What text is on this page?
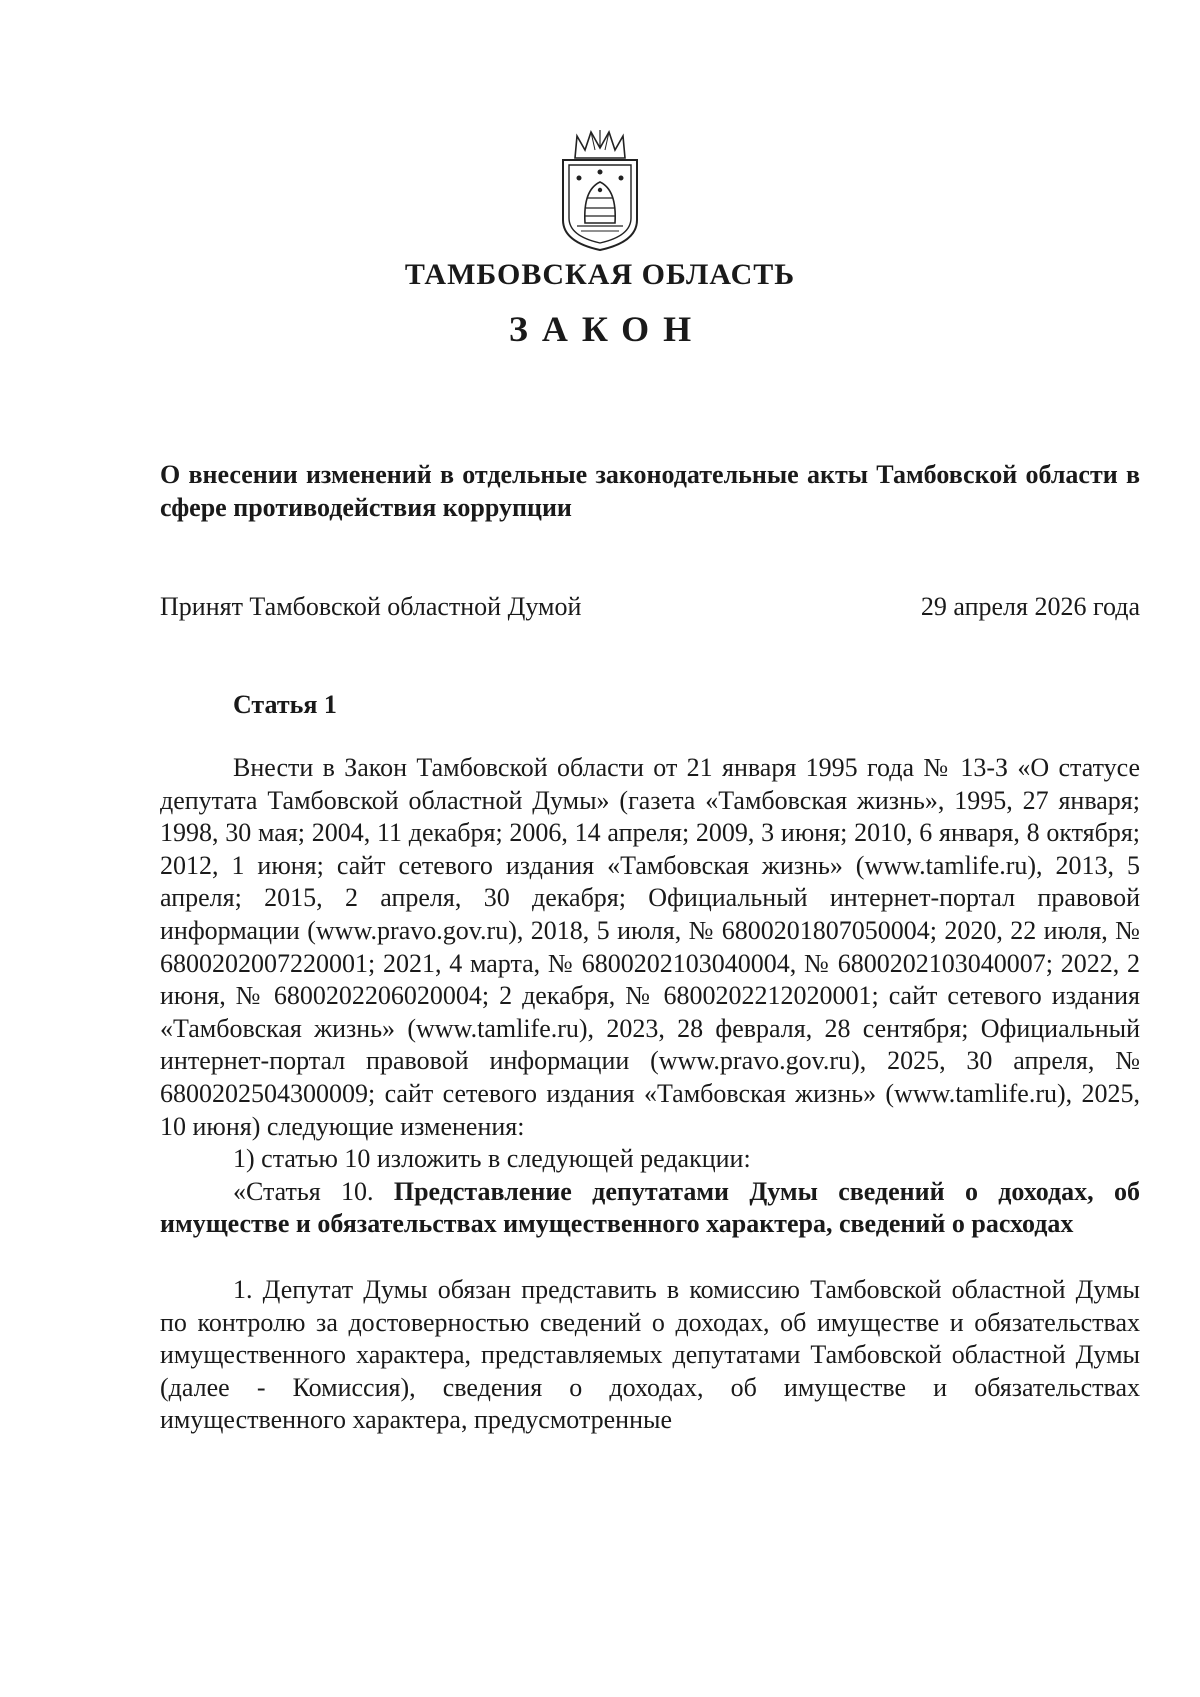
ТАМБОВСКАЯ ОБЛАСТЬ
ЗАКОН
О внесении изменений в отдельные законодательные акты Тамбовской области в сфере противодействия коррупции
Принят Тамбовской областной Думой	29 апреля 2026 года
Статья 1

Внести в Закон Тамбовской области от 21 января 1995 года № 13-З «О статусе депутата Тамбовской областной Думы» (газета «Тамбовская жизнь», 1995, 27 января; 1998, 30 мая; 2004, 11 декабря; 2006, 14 апреля; 2009, 3 июня; 2010, 6 января, 8 октября; 2012, 1 июня; сайт сетевого издания «Тамбовская жизнь» (www.tamlife.ru), 2013, 5 апреля; 2015, 2 апреля, 30 декабря; Официальный интернет-портал правовой информации (www.pravo.gov.ru), 2018, 5 июля, № 6800201807050004; 2020, 22 июля, № 6800202007220001; 2021, 4 марта, № 6800202103040004, № 6800202103040007; 2022, 2 июня, № 6800202206020004; 2 декабря, № 6800202212020001; сайт сетевого издания «Тамбовская жизнь» (www.tamlife.ru), 2023, 28 февраля, 28 сентября; Официальный интернет-портал правовой информации (www.pravo.gov.ru), 2025, 30 апреля, № 6800202504300009; сайт сетевого издания «Тамбовская жизнь» (www.tamlife.ru), 2025, 10 июня) следующие изменения:

1) статью 10 изложить в следующей редакции:

«Статья 10. Представление депутатами Думы сведений о доходах, об имуществе и обязательствах имущественного характера, сведений о расходах

1. Депутат Думы обязан представить в комиссию Тамбовской областной Думы по контролю за достоверностью сведений о доходах, об имуществе и обязательствах имущественного характера, представляемых депутатами Тамбовской областной Думы (далее - Комиссия), сведения о доходах, об имуществе и обязательствах имущественного характера, предусмотренные
